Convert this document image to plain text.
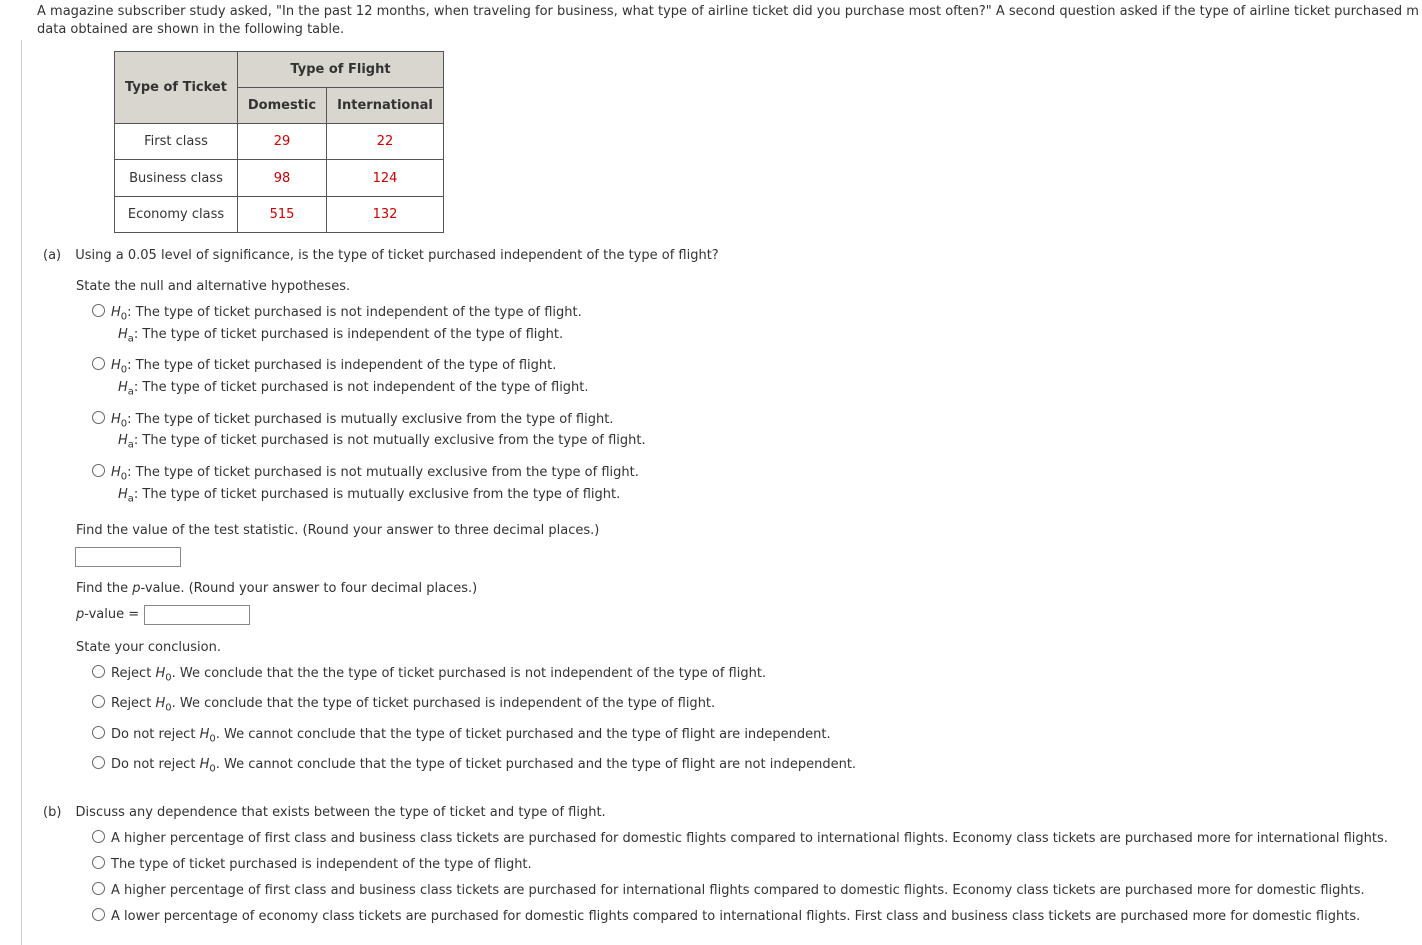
A magazine subscriber study asked, "In the past 12 months, when traveling for business, what type of airline ticket did you purchase most often?" A second question asked if the type of airline ticket purchased m

data obtained are shown in the following table.

Type of Ticket	Type of Flight	
	Domestic	International
First class	29	22
Business class	98	124
Economy class	515	132
(a) Using a 0.05 level of significance, is the type of ticket purchased independent of the type of flight?
State the null and alternative hypotheses.
$H_0$: The type of ticket purchased is not independent of the type of flight.
$H_a$: The type of ticket purchased is independent of the type of flight.
$H_0$: The type of ticket purchased is independent of the type of flight.
$H_a$: The type of ticket purchased is not independent of the type of flight.
$H_0$: The type of ticket purchased is mutually exclusive from the type of flight.
$H_a$: The type of ticket purchased is not mutually exclusive from the type of flight.
$H_0$: The type of ticket purchased is not mutually exclusive from the type of flight.
$H_a$: The type of ticket purchased is mutually exclusive from the type of flight.
Find the value of the test statistic. (Round your answer to three decimal places.)
Find the p-value. (Round your answer to four decimal places.)
p-value =
State your conclusion.
Reject $H_0$. We conclude that the the type of ticket purchased is not independent of the type of flight.
Reject $H_0$. We conclude that the type of ticket purchased is independent of the type of flight.
Do not reject $H_0$. We cannot conclude that the type of ticket purchased and the type of flight are independent.
Do not reject $H_0$. We cannot conclude that the type of ticket purchased and the type of flight are not independent.
(b) Discuss any dependence that exists between the type of ticket and type of flight.
A higher percentage of first class and business class tickets are purchased for domestic flights compared to international flights. Economy class tickets are purchased more for international flights.
The type of ticket purchased is independent of the type of flight.
A higher percentage of first class and business class tickets are purchased for international flights compared to domestic flights. Economy class tickets are purchased more for domestic flights.
A lower percentage of economy class tickets are purchased for domestic flights compared to international flights. First class and business class tickets are purchased more for domestic flights.
